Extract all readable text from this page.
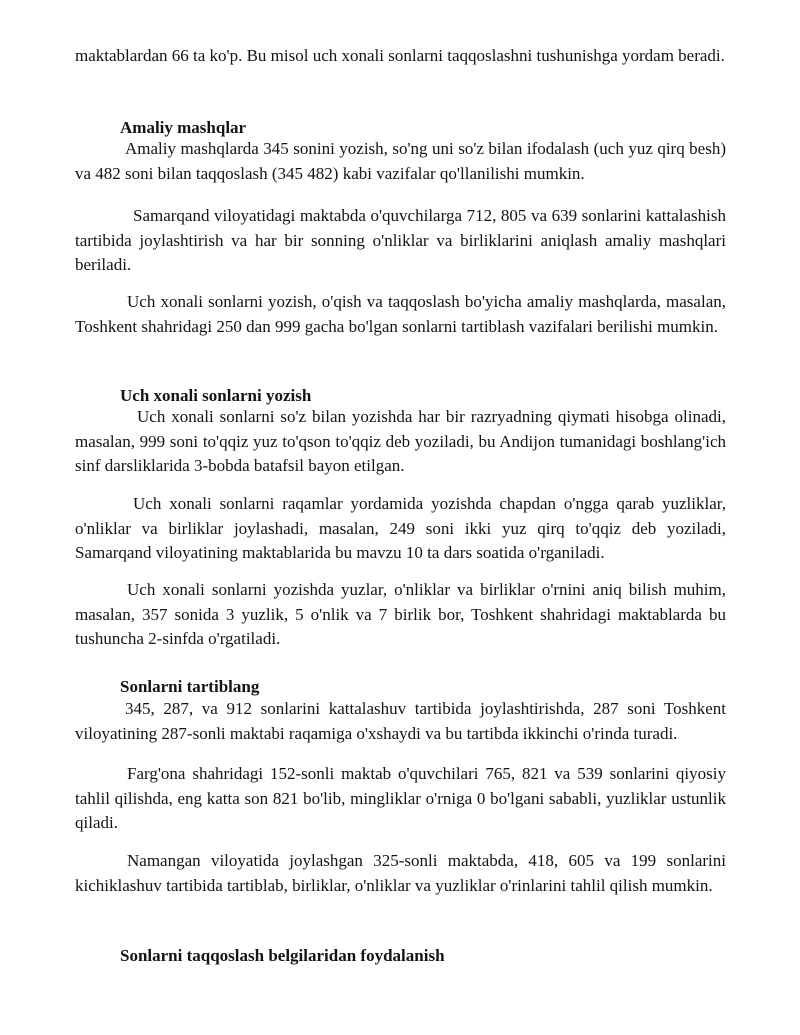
maktablardan 66 ta ko'p. Bu misol uch xonali sonlarni taqqoslashni tushunishga yordam beradi.

Amaliy mashqlar

Amaliy mashqlarda 345 sonini yozish, so'ng uni so'z bilan ifodalash (uch yuz qirq besh) va 482 soni bilan taqqoslash (345 482) kabi vazifalar qo'llanilishi mumkin.

Samarqand viloyatidagi maktabda o'quvchilarga 712, 805 va 639 sonlarini kattalashish tartibida joylashtirish va har bir sonning o'nliklar va birliklarini aniqlash amaliy mashqlari beriladi.

Uch xonali sonlarni yozish, o'qish va taqqoslash bo'yicha amaliy mashqlarda, masalan, Toshkent shahridagi 250 dan 999 gacha bo'lgan sonlarni tartiblash vazifalari berilishi mumkin.

Uch xonali sonlarni yozish

Uch xonali sonlarni so'z bilan yozishda har bir razryadning qiymati hisobga olinadi, masalan, 999 soni to'qqiz yuz to'qson to'qqiz deb yoziladi, bu Andijon tumanidagi boshlang'ich sinf darsliklarida 3-bobda batafsil bayon etilgan.

Uch xonali sonlarni raqamlar yordamida yozishda chapdan o'ngga qarab yuzliklar, o'nliklar va birliklar joylashadi, masalan, 249 soni ikki yuz qirq to'qqiz deb yoziladi, Samarqand viloyatining maktablarida bu mavzu 10 ta dars soatida o'rganiladi.

Uch xonali sonlarni yozishda yuzlar, o'nliklar va birliklar o'rnini aniq bilish muhim, masalan, 357 sonida 3 yuzlik, 5 o'nlik va 7 birlik bor, Toshkent shahridagi maktablarda bu tushuncha 2-sinfda o'rgatiladi.

Sonlarni tartiblang

345, 287, va 912 sonlarini kattalashuv tartibida joylashtirishda, 287 soni Toshkent viloyatining 287-sonli maktabi raqamiga o'xshaydi va bu tartibda ikkinchi o'rinda turadi.

Farg'ona shahridagi 152-sonli maktab o'quvchilari 765, 821 va 539 sonlarini qiyosiy tahlil qilishda, eng katta son 821 bo'lib, mingliklar o'rniga 0 bo'lgani sababli, yuzliklar ustunlik qiladi.

Namangan viloyatida joylashgan 325-sonli maktabda, 418, 605 va 199 sonlarini kichiklashuv tartibida tartiblab, birliklar, o'nliklar va yuzliklar o'rinlarini tahlil qilish mumkin.

Sonlarni taqqoslash belgilaridan foydalanish
